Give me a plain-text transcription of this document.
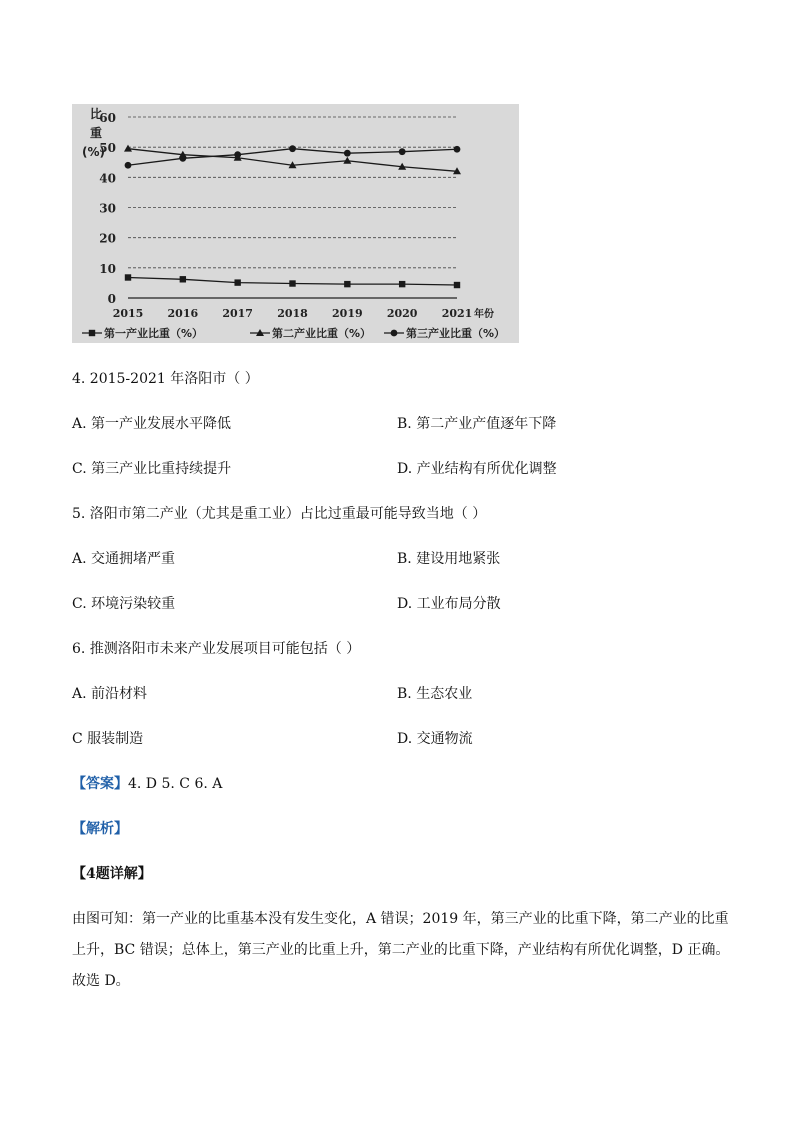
0
10
20
30
40
50
60
比
重
(%)
2015 2016 2017 2018 2019 2020 2021 年份
第一产业比重（%）	第二产业比重（%）	第三产业比重（%）
4. 2015-2021 年洛阳市（ ）
A. 第一产业发展水平降低	B. 第二产业产值逐年下降
C. 第三产业比重持续提升	D. 产业结构有所优化调整
5. 洛阳市第二产业（尤其是重工业）占比过重最可能导致当地（ ）
A. 交通拥堵严重	B. 建设用地紧张
C. 环境污染较重	D. 工业布局分散
6. 推测洛阳市未来产业发展项目可能包括（ ）
A. 前沿材料	B. 生态农业
C 服装制造	D. 交通物流
【答案】4. D 5. C 6. A
【解析】
【4题详解】
由图可知：第一产业的比重基本没有发生变化，A 错误；2019 年，第三产业的比重下降，第二产业的比重上升，BC 错误；总体上，第三产业的比重上升，第二产业的比重下降，产业结构有所优化调整，D 正确。故选 D。
